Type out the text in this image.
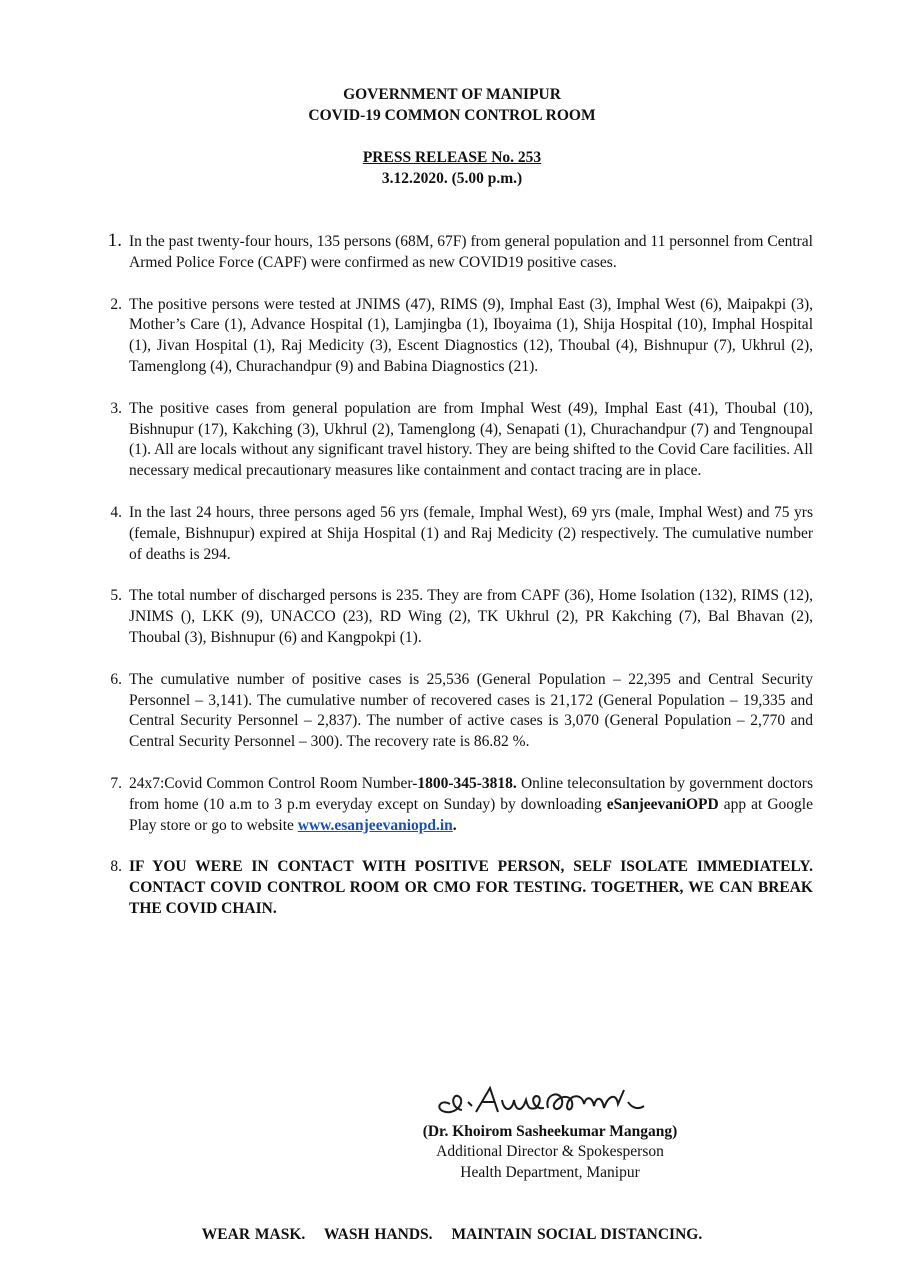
GOVERNMENT OF MANIPUR

COVID-19 COMMON CONTROL ROOM

PRESS RELEASE No. 253

3.12.2020. (5.00 p.m.)

1. In the past twenty-four hours, 135 persons (68M, 67F) from general population and 11 personnel from Central Armed Police Force (CAPF) were confirmed as new COVID19 positive cases.
2. The positive persons were tested at JNIMS (47), RIMS (9), Imphal East (3), Imphal West (6), Maipakpi (3), Mother’s Care (1), Advance Hospital (1), Lamjingba (1), Iboyaima (1), Shija Hospital (10), Imphal Hospital (1), Jivan Hospital (1), Raj Medicity (3), Escent Diagnostics (12), Thoubal (4), Bishnupur (7), Ukhrul (2), Tamenglong (4), Churachandpur (9) and Babina Diagnostics (21).
3. The positive cases from general population are from Imphal West (49), Imphal East (41), Thoubal (10), Bishnupur (17), Kakching (3), Ukhrul (2), Tamenglong (4), Senapati (1), Churachandpur (7) and Tengnoupal (1). All are locals without any significant travel history. They are being shifted to the Covid Care facilities. All necessary medical precautionary measures like containment and contact tracing are in place.
4. In the last 24 hours, three persons aged 56 yrs (female, Imphal West), 69 yrs (male, Imphal West) and 75 yrs (female, Bishnupur) expired at Shija Hospital (1) and Raj Medicity (2) respectively. The cumulative number of deaths is 294.
5. The total number of discharged persons is 235. They are from CAPF (36), Home Isolation (132), RIMS (12), JNIMS (), LKK (9), UNACCO (23), RD Wing (2), TK Ukhrul (2), PR Kakching (7), Bal Bhavan (2), Thoubal (3), Bishnupur (6) and Kangpokpi (1).
6. The cumulative number of positive cases is 25,536 (General Population – 22,395 and Central Security Personnel – 3,141). The cumulative number of recovered cases is 21,172 (General Population – 19,335 and Central Security Personnel – 2,837). The number of active cases is 3,070 (General Population – 2,770 and Central Security Personnel – 300). The recovery rate is 86.82 %.
7. 24x7:Covid Common Control Room Number-1800-345-3818. Online teleconsultation by government doctors from home (10 a.m to 3 p.m everyday except on Sunday) by downloading eSanjeevaniOPD app at Google Play store or go to website www.esanjeevaniopd.in.
8. IF YOU WERE IN CONTACT WITH POSITIVE PERSON, SELF ISOLATE IMMEDIATELY. CONTACT COVID CONTROL ROOM OR CMO FOR TESTING. TOGETHER, WE CAN BREAK THE COVID CHAIN.
(Dr. Khoirom Sasheekumar Mangang)
Additional Director & Spokesperson
Health Department, Manipur
WEAR MASK. WASH HANDS. MAINTAIN SOCIAL DISTANCING.
